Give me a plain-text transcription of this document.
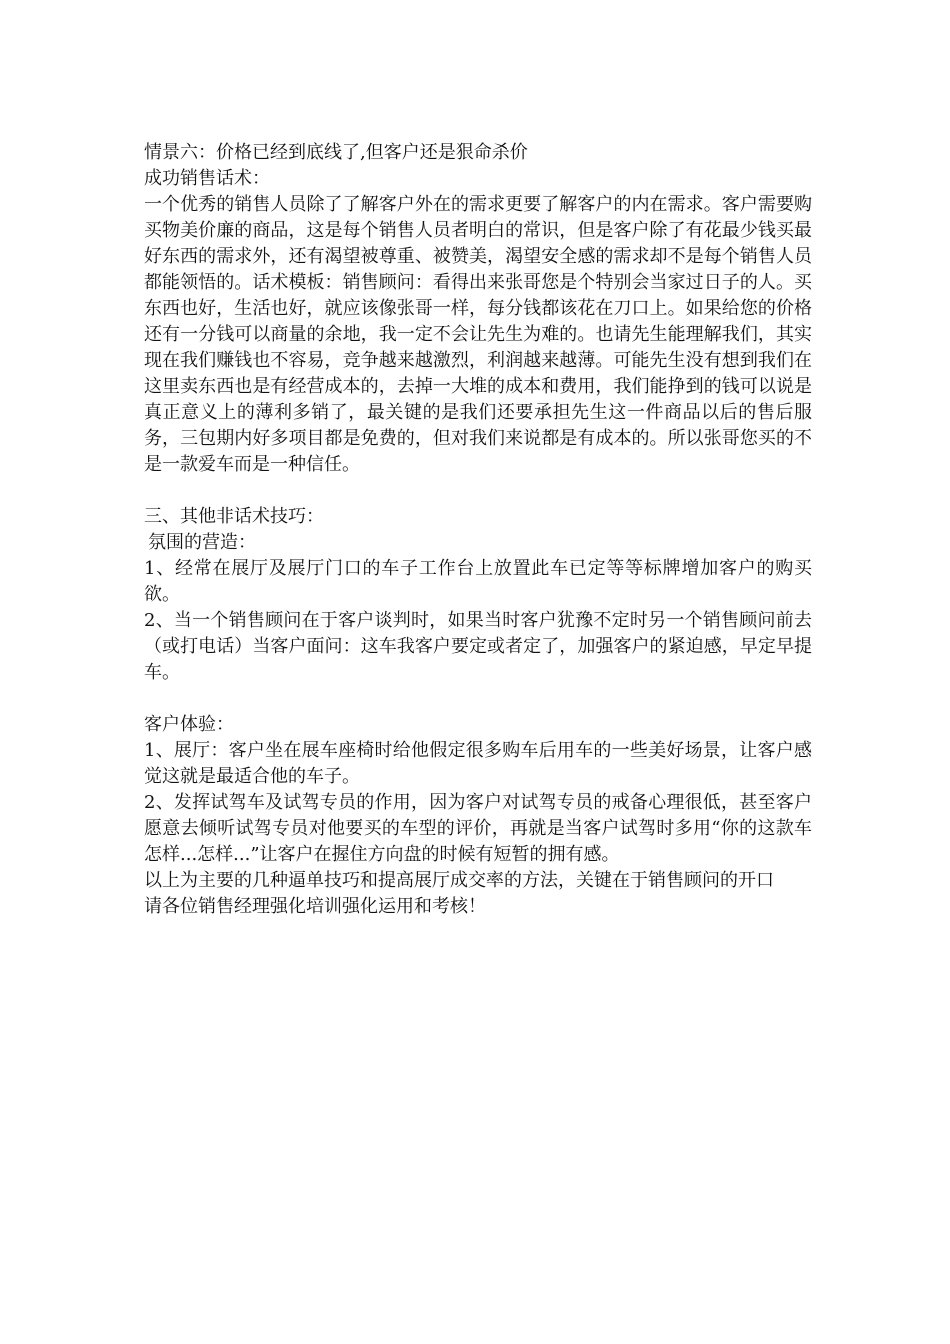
情景六：价格已经到底线了,但客户还是狠命杀价
成功销售话术：
一个优秀的销售人员除了了解客户外在的需求更要了解客户的内在需求。客户需要购买物美价廉的商品，这是每个销售人员者明白的常识，但是客户除了有花最少钱买最好东西的需求外，还有渴望被尊重、被赞美，渴望安全感的需求却不是每个销售人员都能领悟的。话术模板：销售顾问：看得出来张哥您是个特别会当家过日子的人。买东西也好，生活也好，就应该像张哥一样，每分钱都该花在刀口上。如果给您的价格还有一分钱可以商量的余地，我一定不会让先生为难的。也请先生能理解我们，其实现在我们赚钱也不容易，竞争越来越激烈，利润越来越薄。可能先生没有想到我们在这里卖东西也是有经营成本的，去掉一大堆的成本和费用，我们能挣到的钱可以说是真正意义上的薄利多销了，最关键的是我们还要承担先生这一件商品以后的售后服务，三包期内好多项目都是免费的，但对我们来说都是有成本的。所以张哥您买的不是一款爱车而是一种信任。
三、其他非话术技巧：
氛围的营造：
1、经常在展厅及展厅门口的车子工作台上放置此车已定等等标牌增加客户的购买欲。
2、当一个销售顾问在于客户谈判时，如果当时客户犹豫不定时另一个销售顾问前去（或打电话）当客户面问：这车我客户要定或者定了，加强客户的紧迫感，早定早提车。
客户体验：
1、展厅：客户坐在展车座椅时给他假定很多购车后用车的一些美好场景，让客户感觉这就是最适合他的车子。
2、发挥试驾车及试驾专员的作用，因为客户对试驾专员的戒备心理很低，甚至客户愿意去倾听试驾专员对他要买的车型的评价，再就是当客户试驾时多用“你的这款车怎样...怎样...”让客户在握住方向盘的时候有短暂的拥有感。
以上为主要的几种逼单技巧和提高展厅成交率的方法，关键在于销售顾问的开口
请各位销售经理强化培训强化运用和考核！
